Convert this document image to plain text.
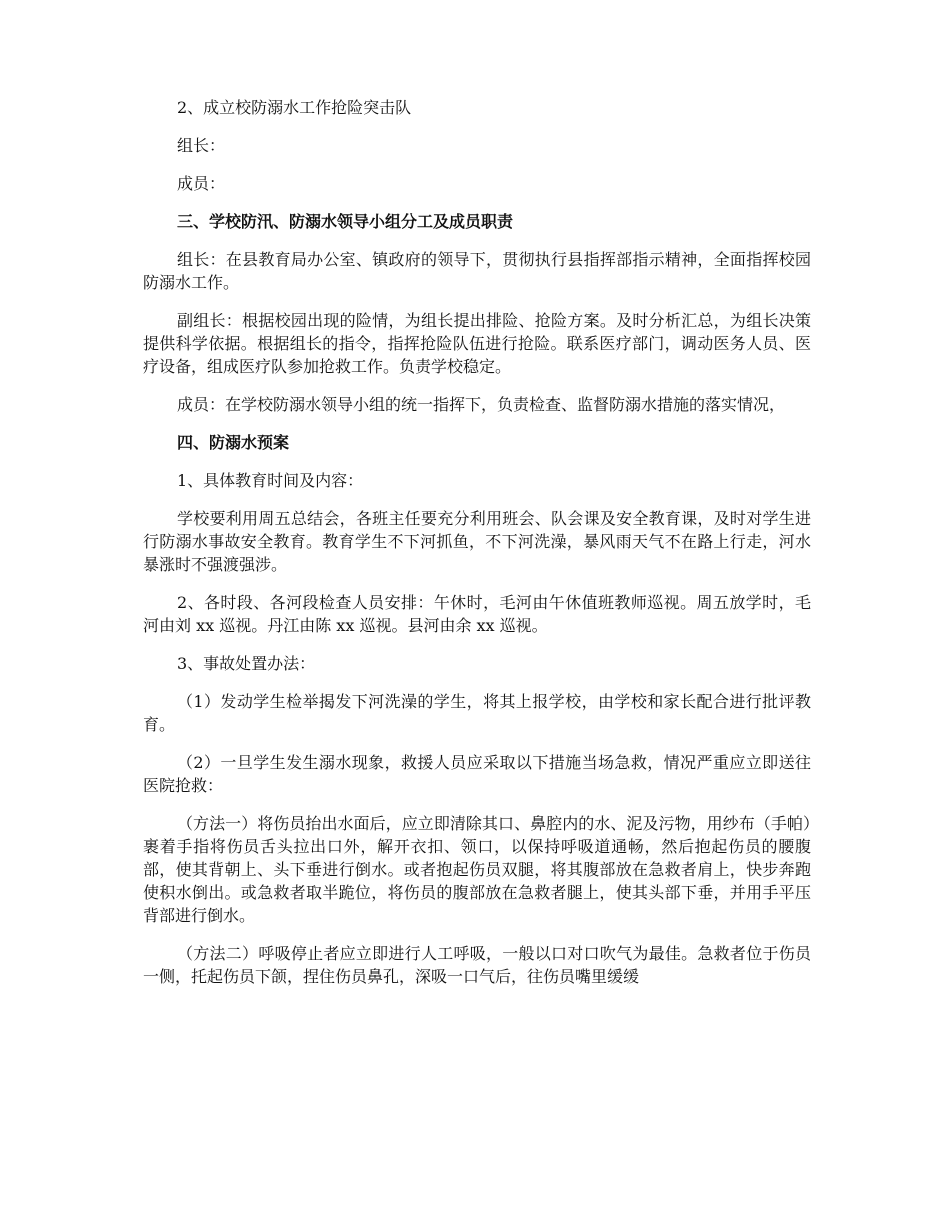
2、成立校防溺水工作抢险突击队

组长：

成员：

三、学校防汛、防溺水领导小组分工及成员职责

组长：在县教育局办公室、镇政府的领导下，贯彻执行县指挥部指示精神，全面指挥校园防溺水工作。

副组长：根据校园出现的险情，为组长提出排险、抢险方案。及时分析汇总，为组长决策提供科学依据。根据组长的指令，指挥抢险队伍进行抢险。联系医疗部门，调动医务人员、医疗设备，组成医疗队参加抢救工作。负责学校稳定。

成员：在学校防溺水领导小组的统一指挥下，负责检查、监督防溺水措施的落实情况，

四、防溺水预案

1、具体教育时间及内容：

学校要利用周五总结会，各班主任要充分利用班会、队会课及安全教育课，及时对学生进行防溺水事故安全教育。教育学生不下河抓鱼，不下河洗澡，暴风雨天气不在路上行走，河水暴涨时不强渡强涉。

2、各时段、各河段检查人员安排：午休时，毛河由午休值班教师巡视。周五放学时，毛河由刘 xx 巡视。丹江由陈 xx 巡视。县河由余 xx 巡视。

3、事故处置办法：

（1）发动学生检举揭发下河洗澡的学生，将其上报学校，由学校和家长配合进行批评教育。

（2）一旦学生发生溺水现象，救援人员应采取以下措施当场急救，情况严重应立即送往医院抢救：

（方法一）将伤员抬出水面后，应立即清除其口、鼻腔内的水、泥及污物，用纱布（手帕）裹着手指将伤员舌头拉出口外，解开衣扣、领口，以保持呼吸道通畅，然后抱起伤员的腰腹部，使其背朝上、头下垂进行倒水。或者抱起伤员双腿，将其腹部放在急救者肩上，快步奔跑使积水倒出。或急救者取半跪位，将伤员的腹部放在急救者腿上，使其头部下垂，并用手平压背部进行倒水。

（方法二）呼吸停止者应立即进行人工呼吸，一般以口对口吹气为最佳。急救者位于伤员一侧，托起伤员下颌，捏住伤员鼻孔，深吸一口气后，往伤员嘴里缓缓
